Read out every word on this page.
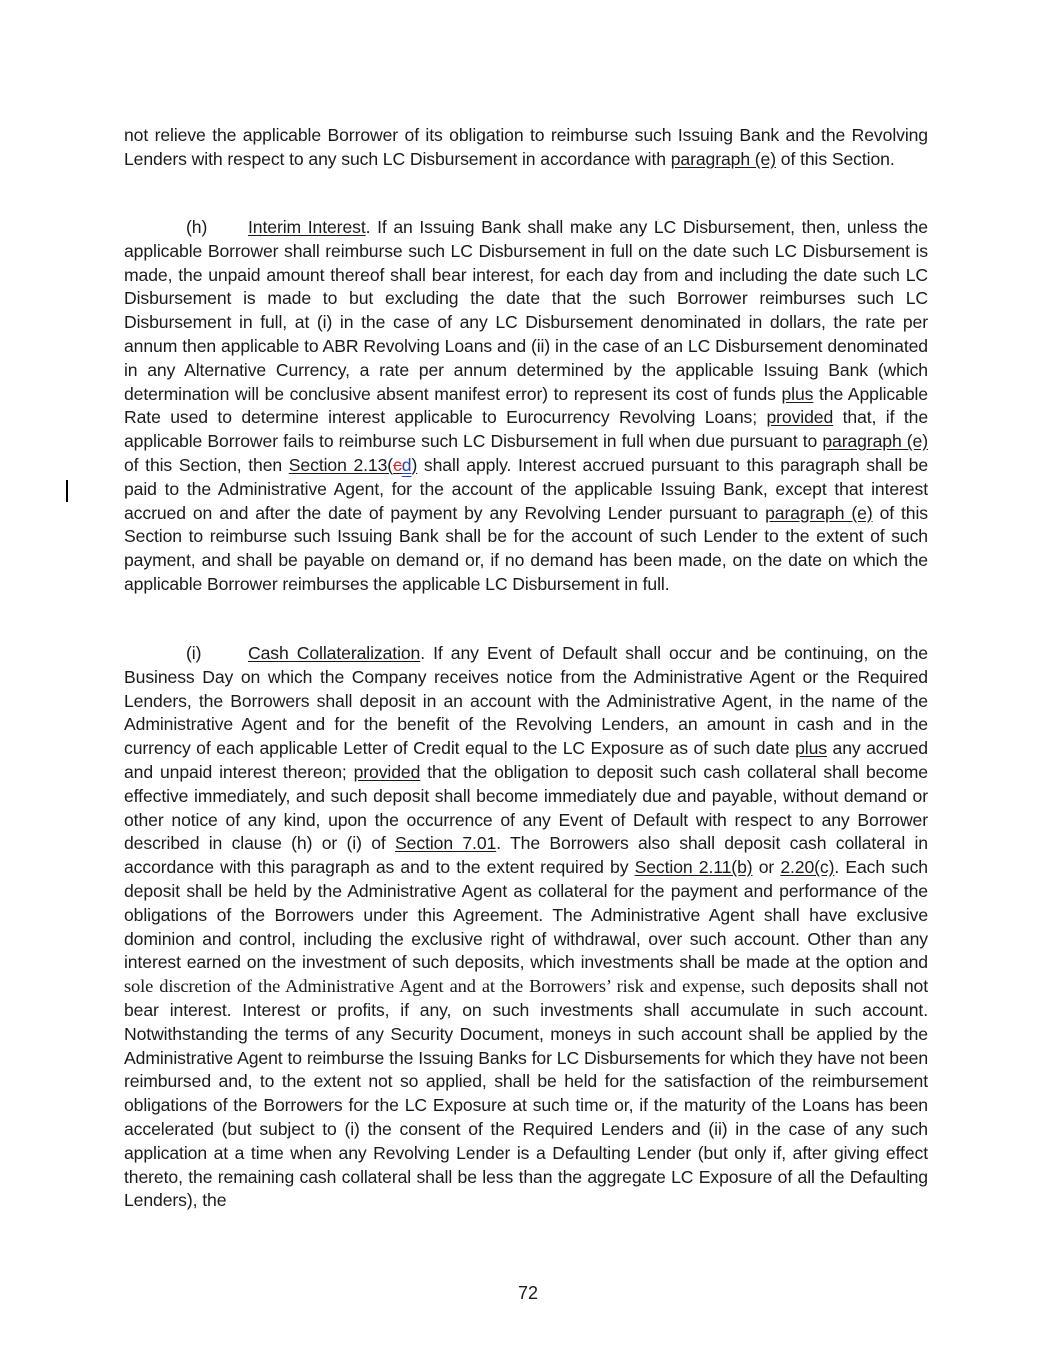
not relieve the applicable Borrower of its obligation to reimburse such Issuing Bank and the Revolving Lenders with respect to any such LC Disbursement in accordance with paragraph (e) of this Section.

(h) Interim Interest. If an Issuing Bank shall make any LC Disbursement, then, unless the applicable Borrower shall reimburse such LC Disbursement in full on the date such LC Disbursement is made, the unpaid amount thereof shall bear interest, for each day from and including the date such LC Disbursement is made to but excluding the date that the such Borrower reimburses such LC Disbursement in full, at (i) in the case of any LC Disbursement denominated in dollars, the rate per annum then applicable to ABR Revolving Loans and (ii) in the case of an LC Disbursement denominated in any Alternative Currency, a rate per annum determined by the applicable Issuing Bank (which determination will be conclusive absent manifest error) to represent its cost of funds plus the Applicable Rate used to determine interest applicable to Eurocurrency Revolving Loans; provided that, if the applicable Borrower fails to reimburse such LC Disbursement in full when due pursuant to paragraph (e) of this Section, then Section 2.13(cd) shall apply. Interest accrued pursuant to this paragraph shall be paid to the Administrative Agent, for the account of the applicable Issuing Bank, except that interest accrued on and after the date of payment by any Revolving Lender pursuant to paragraph (e) of this Section to reimburse such Issuing Bank shall be for the account of such Lender to the extent of such payment, and shall be payable on demand or, if no demand has been made, on the date on which the applicable Borrower reimburses the applicable LC Disbursement in full.

(i)	Cash Collateralization. If any Event of Default shall occur and be continuing, on the Business Day on which the Company receives notice from the Administrative Agent or the Required Lenders, the Borrowers shall deposit in an account with the Administrative Agent, in the name of the Administrative Agent and for the benefit of the Revolving Lenders, an amount in cash and in the currency of each applicable Letter of Credit equal to the LC Exposure as of such date plus any accrued and unpaid interest thereon; provided that the obligation to deposit such cash collateral shall become effective immediately, and such deposit shall become immediately due and payable, without demand or other notice of any kind, upon the occurrence of any Event of Default with respect to any Borrower described in clause (h) or (i) of Section 7.01. The Borrowers also shall deposit cash collateral in accordance with this paragraph as and to the extent required by Section 2.11(b) or 2.20(c). Each such deposit shall be held by the Administrative Agent as collateral for the payment and performance of the obligations of the Borrowers under this Agreement. The Administrative Agent shall have exclusive dominion and control, including the exclusive right of withdrawal, over such account. Other than any interest earned on the investment of such deposits, which investments shall be made at the option and sole discretion of the Administrative Agent and at the Borrowers’ risk and expense, such deposits shall not bear interest. Interest or profits, if any, on such investments shall accumulate in such account. Notwithstanding the terms of any Security Document, moneys in such account shall be applied by the Administrative Agent to reimburse the Issuing Banks for LC Disbursements for which they have not been reimbursed and, to the extent not so applied, shall be held for the satisfaction of the reimbursement obligations of the Borrowers for the LC Exposure at such time or, if the maturity of the Loans has been accelerated (but subject to (i) the consent of the Required Lenders and (ii) in the case of any such application at a time when any Revolving Lender is a Defaulting Lender (but only if, after giving effect thereto, the remaining cash collateral shall be less than the aggregate LC Exposure of all the Defaulting Lenders), the

72
